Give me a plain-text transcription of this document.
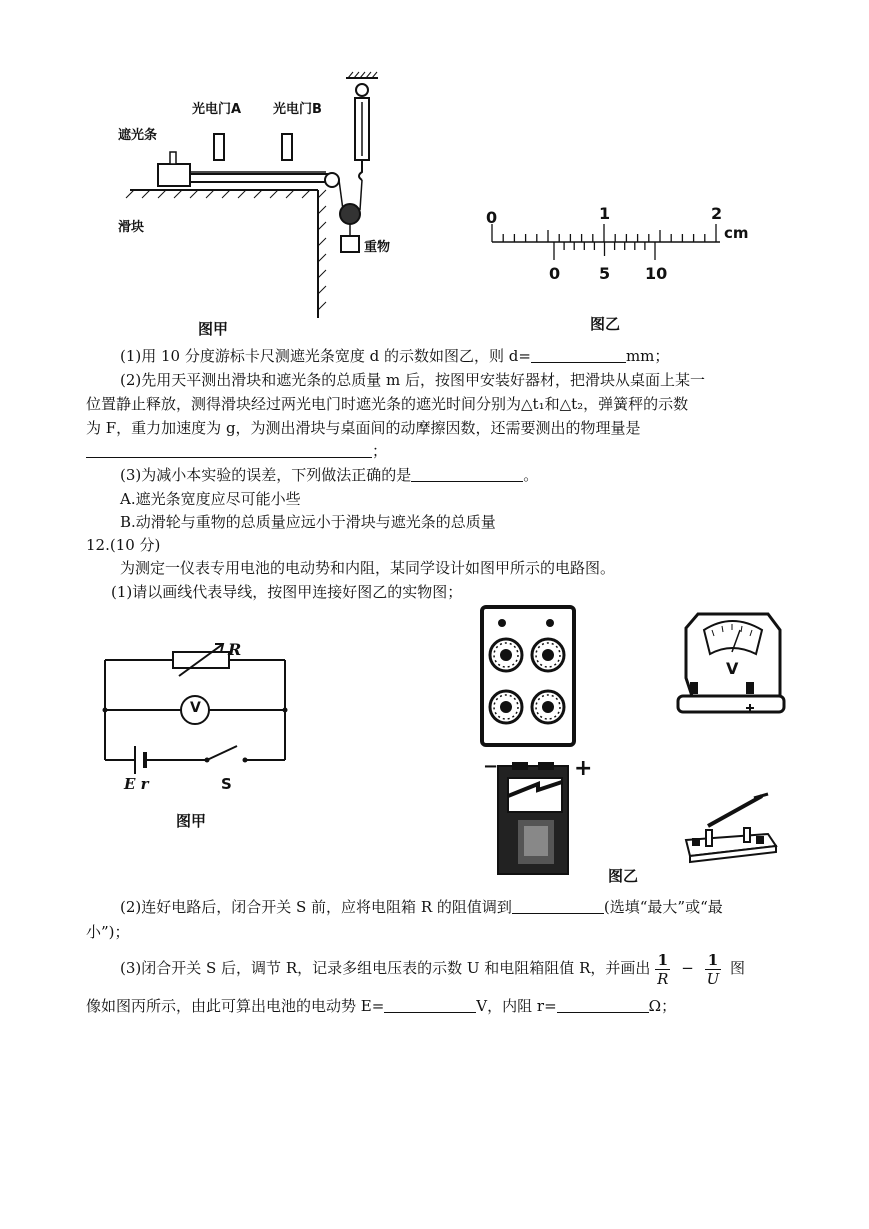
遮光条
光电门A 光电门B
滑块
重物
图甲
0	1	2
cm
0 5 10
图乙
(1)用 10 分度游标卡尺测遮光条宽度 d 的示数如图乙，则 d=	mm；
(2)先用天平测出滑块和遮光条的总质量 m 后，按图甲安装好器材，把滑块从桌面上某一
位置静止释放，测得滑块经过两光电门时遮光条的遮光时间分别为△t₁和△t₂，弹簧秤的示数
为 F，重力加速度为 g，为测出滑块与桌面间的动摩擦因数，还需要测出的物理量是
；
(3)为减小本实验的误差，下列做法正确的是	。
A.遮光条宽度应尽可能小些
B.动滑轮与重物的总质量应远小于滑块与遮光条的总质量
12.(10 分)
为测定一仪表专用电池的电动势和内阻，某同学设计如图甲所示的电路图。
(1)请以画线代表导线，按图甲连接好图乙的实物图；
R
V
E r	S
图甲
V
−	+
图乙
(2)连好电路后，闭合开关 S 前，应将电阻箱 R 的阻值调到	(选填“最大”或“最
小”)；
(3)闭合开关 S 后，调节 R，记录多组电压表的示数 U 和电阻箱阻值 R，并画出 $\frac{1}{R} - \frac{1}{U}$ 图
像如图丙所示，由此可算出电池的电动势 E=	V，内阻 r=	Ω；
